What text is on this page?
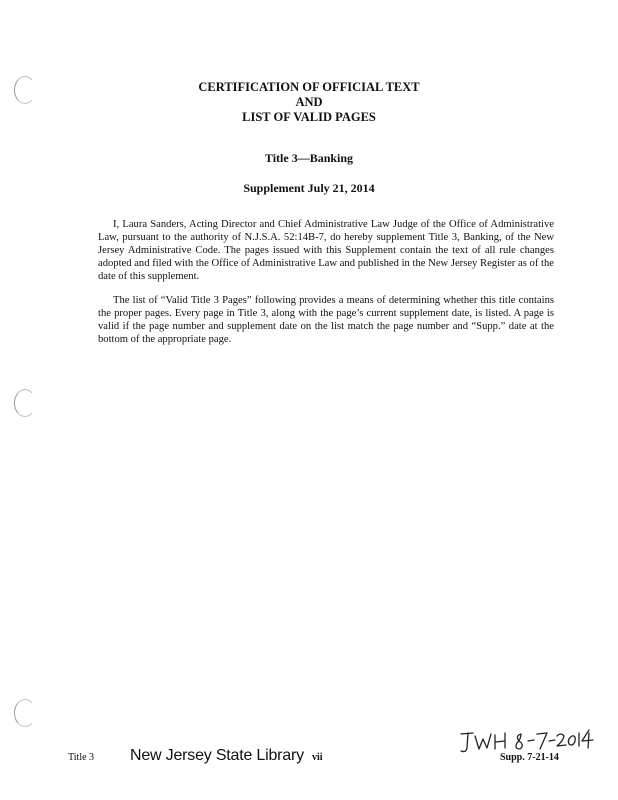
CERTIFICATION OF OFFICIAL TEXT
AND
LIST OF VALID PAGES
Title 3—Banking
Supplement July 21, 2014

I, Laura Sanders, Acting Director and Chief Administrative Law Judge of the Office of Administrative Law, pursuant to the authority of N.J.S.A. 52:14B-7, do hereby supplement Title 3, Banking, of the New Jersey Administrative Code. The pages issued with this Supplement contain the text of all rule changes adopted and filed with the Office of Administrative Law and published in the New Jersey Register as of the date of this supplement.

The list of “Valid Title 3 Pages” following provides a means of determining whether this title contains the proper pages. Every page in Title 3, along with the page’s current supplement date, is listed. A page is valid if the page number and supplement date on the list match the page number and “Supp.” date at the bottom of the appropriate page.

Title 3 New Jersey State Library vii	Supp. 7-21-14
